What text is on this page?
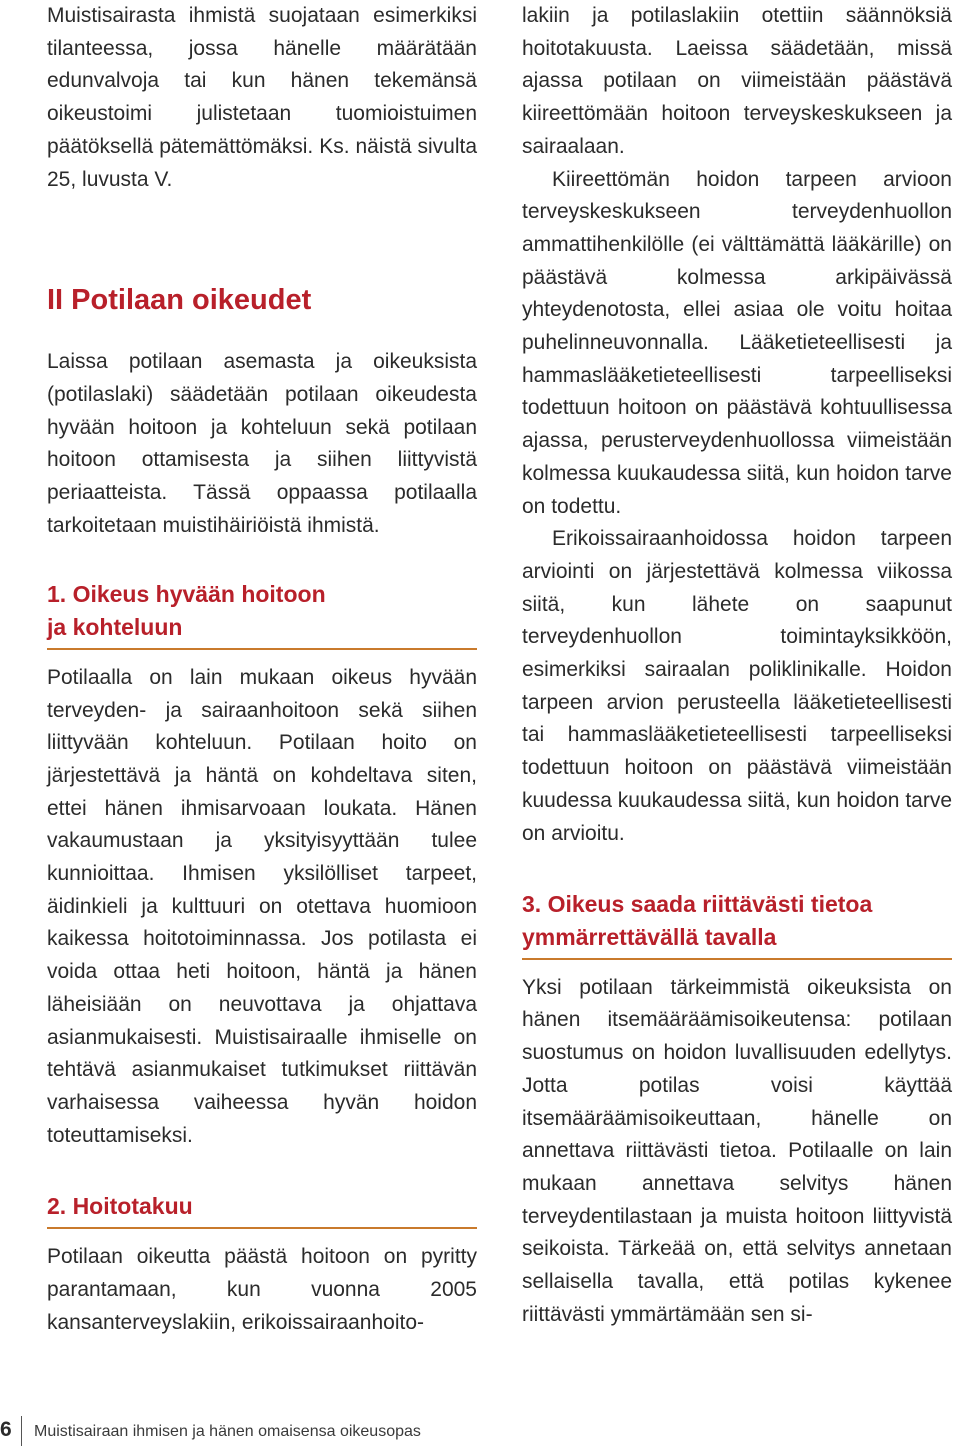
Muistisairasta ihmistä suojataan esimerkiksi tilanteessa, jossa hänelle määrätään edunvalvoja tai kun hänen tekemänsä oikeustoimi julistetaan tuomioistuimen päätöksellä pätemättömäksi. Ks. näistä sivulta 25, luvusta V.

II Potilaan oikeudet

Laissa potilaan asemasta ja oikeuksista (potilaslaki) säädetään potilaan oikeudesta hyvään hoitoon ja kohteluun sekä potilaan hoitoon ottamisesta ja siihen liittyvistä periaatteista. Tässä oppaassa potilaalla tarkoitetaan muistihäiriöistä ihmistä.

1. Oikeus hyvään hoitoon
ja kohteluun

Potilaalla on lain mukaan oikeus hyvään terveyden- ja sairaanhoitoon sekä siihen liittyvään kohteluun. Potilaan hoito on järjestettävä ja häntä on kohdeltava siten, ettei hänen ihmisarvoaan loukata. Hänen vakaumustaan ja yksityisyyttään tulee kunnioittaa. Ihmisen yksilölliset tarpeet, äidinkieli ja kulttuuri on otettava huomioon kaikessa hoitotoiminnassa. Jos potilasta ei voida ottaa heti hoitoon, häntä ja hänen läheisiään on neuvottava ja ohjattava asianmukaisesti. Muistisairaalle ihmiselle on tehtävä asianmukaiset tutkimukset riittävän varhaisessa vaiheessa hyvän hoidon toteuttamiseksi.

2. Hoitotakuu

Potilaan oikeutta päästä hoitoon on pyritty parantamaan, kun vuonna 2005 kansanterveyslakiin, erikoissairaanhoito-

lakiin ja potilaslakiin otettiin säännöksiä hoitotakuusta. Laeissa säädetään, missä ajassa potilaan on viimeistään päästävä kiireettömään hoitoon terveyskeskukseen ja sairaalaan.

Kiireettömän hoidon tarpeen arvioon terveyskeskukseen terveydenhuollon ammattihenkilölle (ei välttämättä lääkärille) on päästävä kolmessa arkipäivässä yhteydenotosta, ellei asiaa ole voitu hoitaa puhelinneuvonnalla. Lääketieteellisesti ja hammaslääketieteellisesti tarpeelliseksi todettuun hoitoon on päästävä kohtuullisessa ajassa, perusterveydenhuollossa viimeistään kolmessa kuukaudessa siitä, kun hoidon tarve on todettu.

Erikoissairaanhoidossa hoidon tarpeen arviointi on järjestettävä kolmessa viikossa siitä, kun lähete on saapunut terveydenhuollon toimintayksikköön, esimerkiksi sairaalan poliklinikalle. Hoidon tarpeen arvion perusteella lääketieteellisesti tai hammaslääketieteellisesti tarpeelliseksi todettuun hoitoon on päästävä viimeistään kuudessa kuukaudessa siitä, kun hoidon tarve on arvioitu.

3. Oikeus saada riittävästi tietoa
ymmärrettävällä tavalla

Yksi potilaan tärkeimmistä oikeuksista on hänen itsemääräämisoikeutensa: potilaan suostumus on hoidon luvallisuuden edellytys. Jotta potilas voisi käyttää itsemääräämisoikeuttaan, hänelle on annettava riittävästi tietoa. Potilaalle on lain mukaan annettava selvitys hänen terveydentilastaan ja muista hoitoon liittyvistä seikoista. Tärkeää on, että selvitys annetaan sellaisella tavalla, että potilas kykenee riittävästi ymmärtämään sen si-

6 Muistisairaan ihmisen ja hänen omaisensa oikeusopas
